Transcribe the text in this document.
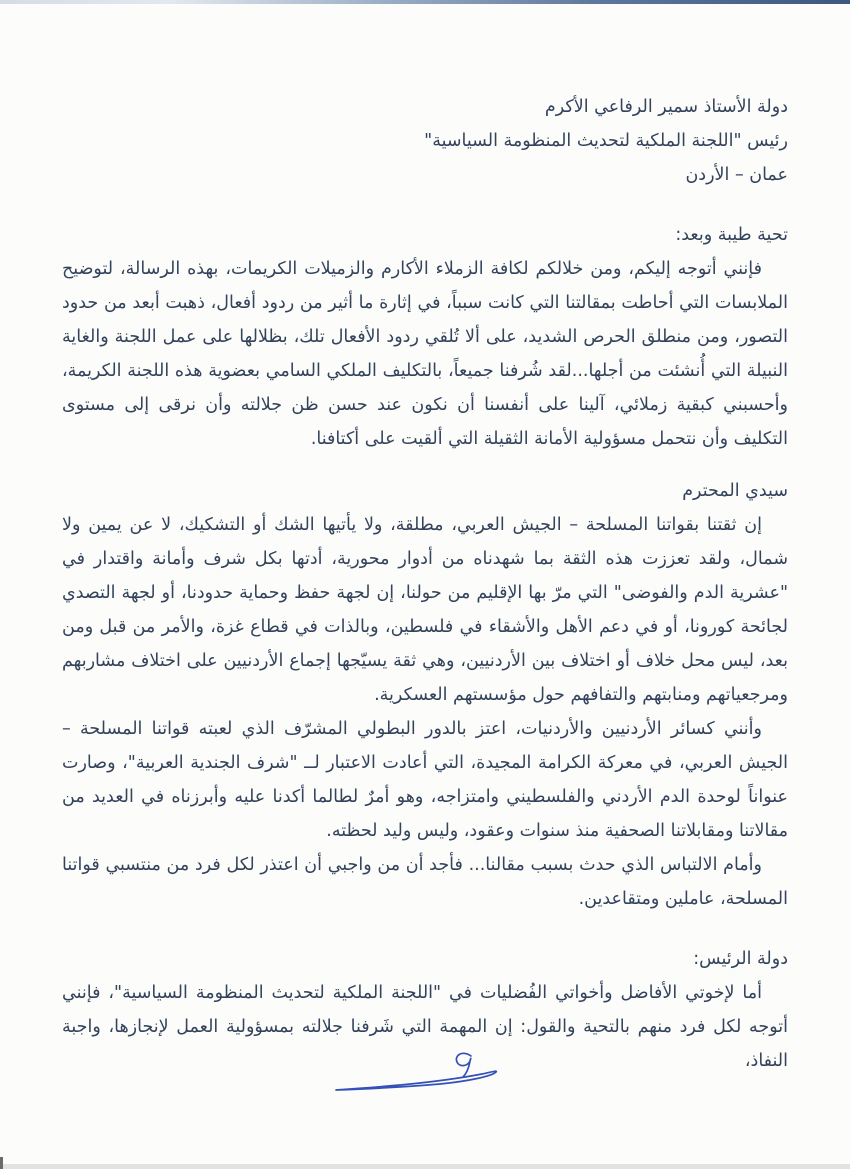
دولة الأستاذ سمير الرفاعي الأكرم
رئيس "اللجنة الملكية لتحديث المنظومة السياسية"
عمان – الأردن
تحية طيبة وبعد:

فإنني أتوجه إليكم، ومن خلالكم لكافة الزملاء الأكارم والزميلات الكريمات، بهذه الرسالة، لتوضيح الملابسات التي أحاطت بمقالتنا التي كانت سبباً، في إثارة ما أثير من ردود أفعال، ذهبت أبعد من حدود التصور، ومن منطلق الحرص الشديد، على ألا تُلقي ردود الأفعال تلك، بظلالها على عمل اللجنة والغاية النبيلة التي أُنشئت من أجلها...لقد شُرفنا جميعاً، بالتكليف الملكي السامي بعضوية هذه اللجنة الكريمة، وأحسبني كبقية زملائي، آلينا على أنفسنا أن نكون عند حسن ظن جلالته وأن نرقى إلى مستوى التكليف وأن نتحمل مسؤولية الأمانة الثقيلة التي ألقيت على أكتافنا.

سيدي المحترم

إن ثقتنا بقواتنا المسلحة – الجيش العربي، مطلقة، ولا يأتيها الشك أو التشكيك، لا عن يمين ولا شمال، ولقد تعززت هذه الثقة بما شهدناه من أدوار محورية، أدتها بكل شرف وأمانة واقتدار في "عشرية الدم والفوضى" التي مرّ بها الإقليم من حولنا، إن لجهة حفظ وحماية حدودنا، أو لجهة التصدي لجائحة كورونا، أو في دعم الأهل والأشقاء في فلسطين، وبالذات في قطاع غزة، والأمر من قبل ومن بعد، ليس محل خلاف أو اختلاف بين الأردنيين، وهي ثقة يسيّجها إجماع الأردنيين على اختلاف مشاربهم ومرجعياتهم ومنابتهم والتفافهم حول مؤسستهم العسكرية.

وأنني كسائر الأردنيين والأردنيات، اعتز بالدور البطولي المشرّف الذي لعبته قواتنا المسلحة – الجيش العربي، في معركة الكرامة المجيدة، التي أعادت الاعتبار لــ "شرف الجندية العربية"، وصارت عنواناً لوحدة الدم الأردني والفلسطيني وامتزاجه، وهو أمرٌ لطالما أكدنا عليه وأبرزناه في العديد من مقالاتنا ومقابلاتنا الصحفية منذ سنوات وعقود، وليس وليد لحظته.

وأمام الالتباس الذي حدث بسبب مقالنا... فأجد أن من واجبي أن اعتذر لكل فرد من منتسبي قواتنا المسلحة، عاملين ومتقاعدين.

دولة الرئيس:

أما لإخوتي الأفاضل وأخواتي الفُضليات في "اللجنة الملكية لتحديث المنظومة السياسية"، فإنني أتوجه لكل فرد منهم بالتحية والقول: إن المهمة التي شَرفنا جلالته بمسؤولية العمل لإنجازها، واجبة النفاذ،
